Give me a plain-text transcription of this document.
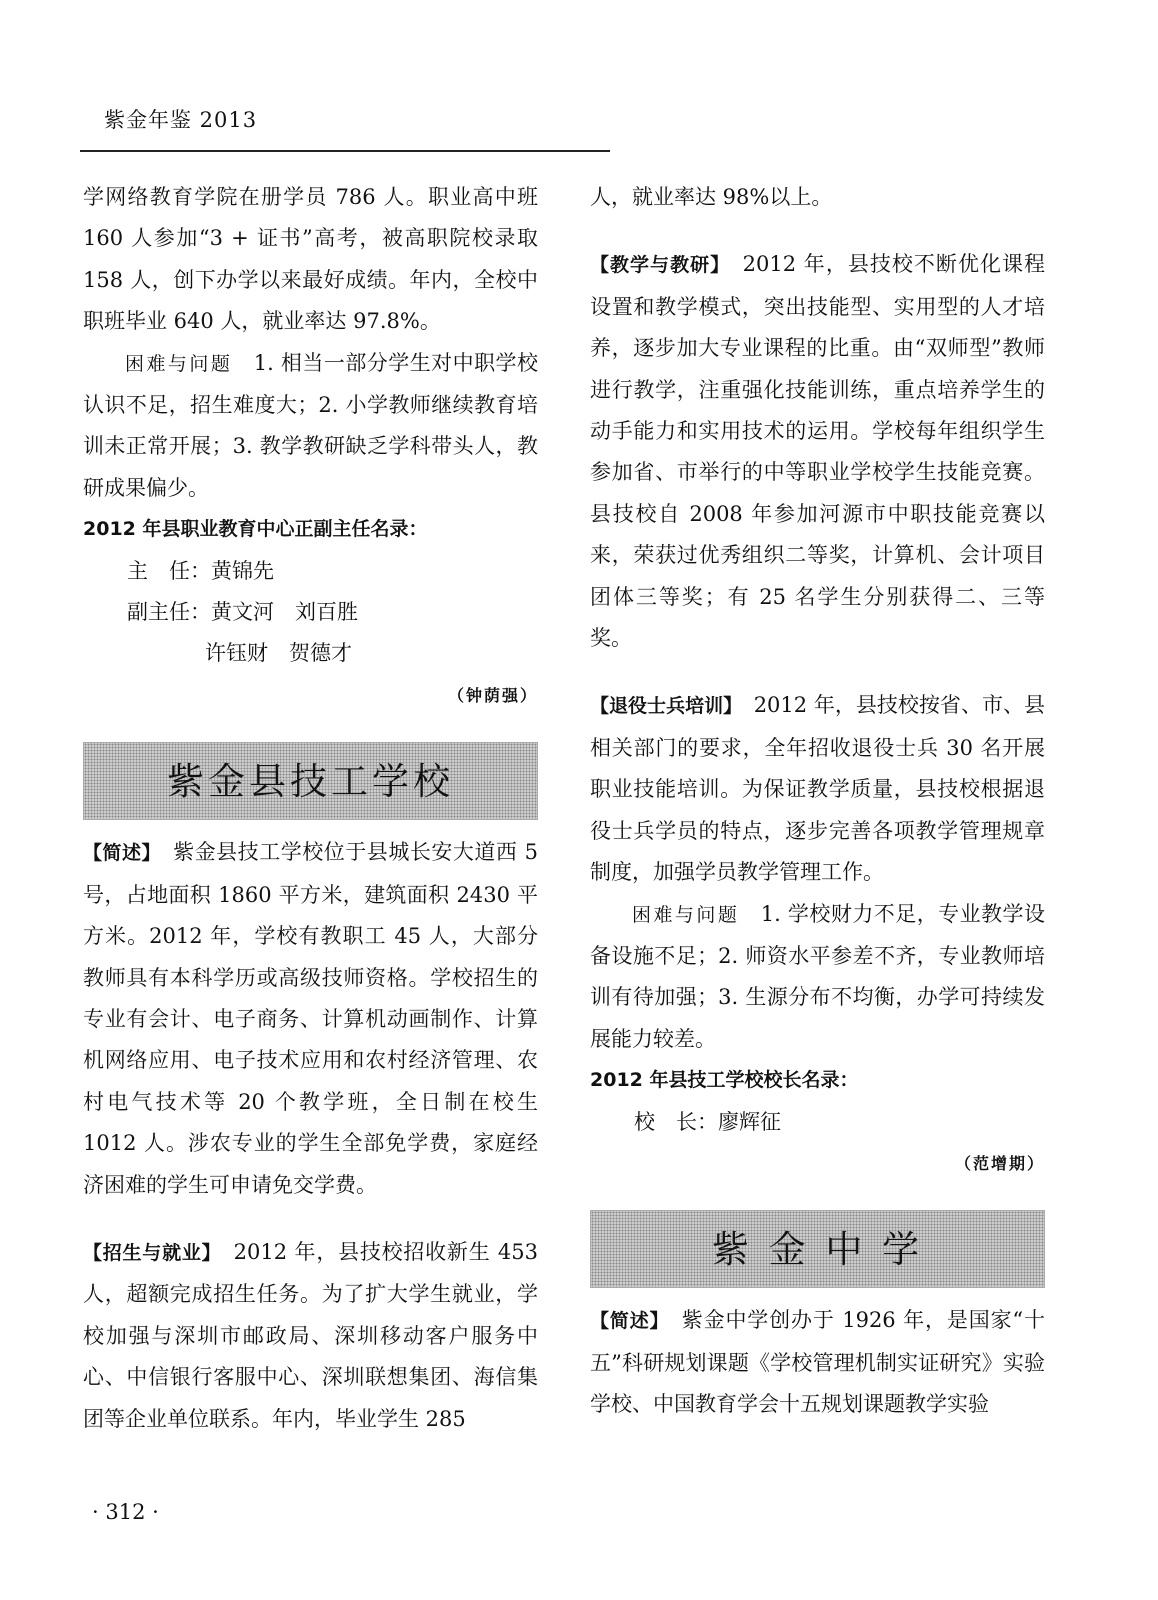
紫金年鉴 2013

学网络教育学院在册学员 786 人。职业高中班 160 人参加“3 + 证书”高考，被高职院校录取 158 人，创下办学以来最好成绩。年内，全校中职班毕业 640 人，就业率达 97.8%。

困难与问题　 1. 相当一部分学生对中职学校认识不足，招生难度大；2. 小学教师继续教育培训未正常开展；3. 教学教研缺乏学科带头人，教研成果偏少。

2012 年县职业教育中心正副主任名录：

主　任：黄锦先

副主任：黄文河　刘百胜

许钰财　贺德才

（钟荫强）

紫金县技工学校

【简述】　 紫金县技工学校位于县城长安大道西 5 号，占地面积 1860 平方米，建筑面积 2430 平方米。2012 年，学校有教职工 45 人，大部分教师具有本科学历或高级技师资格。学校招生的专业有会计、电子商务、计算机动画制作、计算机网络应用、电子技术应用和农村经济管理、农村电气技术等 20 个教学班，全日制在校生 1012 人。涉农专业的学生全部免学费，家庭经济困难的学生可申请免交学费。

【招生与就业】　 2012 年，县技校招收新生 453 人，超额完成招生任务。为了扩大学生就业，学校加强与深圳市邮政局、深圳移动客户服务中心、中信银行客服中心、深圳联想集团、海信集团等企业单位联系。年内，毕业学生 285

人，就业率达 98%以上。

【教学与教研】　 2012 年，县技校不断优化课程设置和教学模式，突出技能型、实用型的人才培养，逐步加大专业课程的比重。由“双师型”教师进行教学，注重强化技能训练，重点培养学生的动手能力和实用技术的运用。学校每年组织学生参加省、市举行的中等职业学校学生技能竞赛。县技校自 2008 年参加河源市中职技能竞赛以来，荣获过优秀组织二等奖，计算机、会计项目团体三等奖；有 25 名学生分别获得二、三等奖。

【退役士兵培训】　 2012 年，县技校按省、市、县相关部门的要求，全年招收退役士兵 30 名开展职业技能培训。为保证教学质量，县技校根据退役士兵学员的特点，逐步完善各项教学管理规章制度，加强学员教学管理工作。

困难与问题　 1. 学校财力不足，专业教学设备设施不足；2. 师资水平参差不齐，专业教师培训有待加强；3. 生源分布不均衡，办学可持续发展能力较差。

2012 年县技工学校校长名录：

校　长：廖辉征

（范增期）

紫 金 中 学

【简述】　 紫金中学创办于 1926 年，是国家“十五”科研规划课题《学校管理机制实证研究》实验学校、中国教育学会十五规划课题教学实验

· 312 ·
